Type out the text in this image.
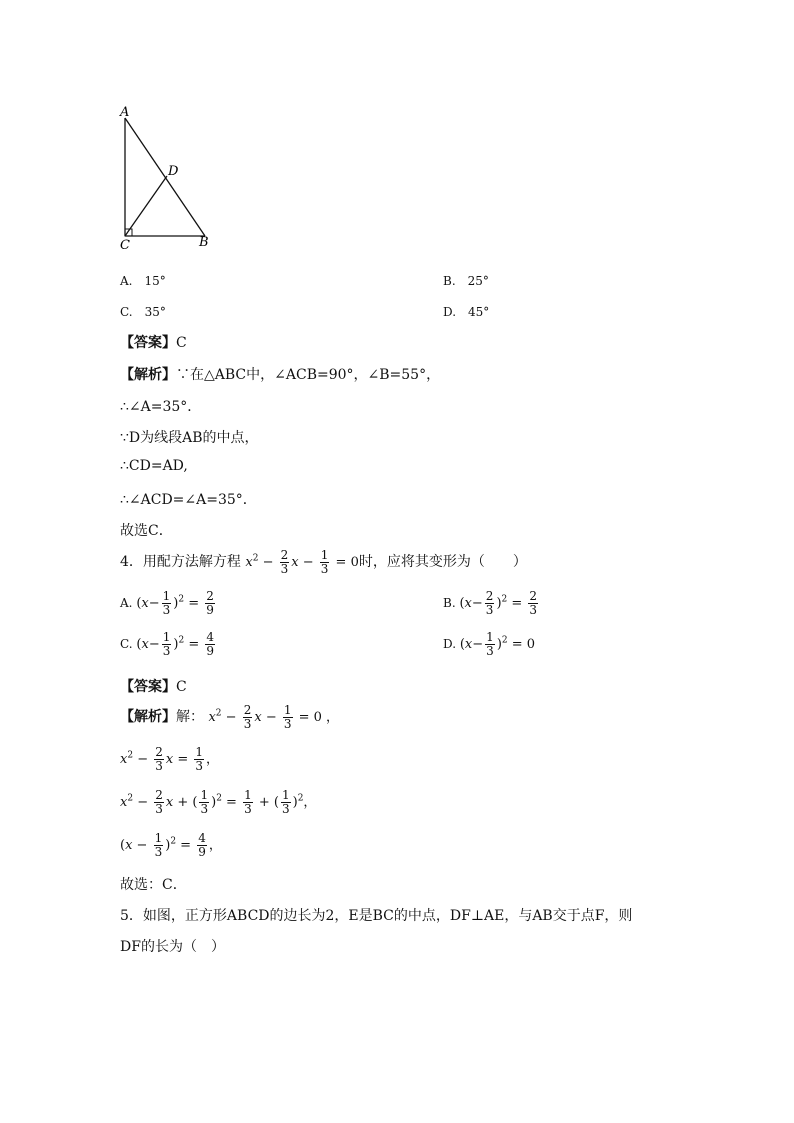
A
D
C	B
A.　15°	B.　25°
C.　35°	D.　45°
【答案】C
【解析】∵在△ABC中，∠ACB=90°，∠B=55°，
∴∠A=35°．
∵D为线段AB的中点，
∴CD=AD,
∴∠ACD=∠A=35°．
故选C．
4．用配方法解方程 $x^2 - \frac{2}{3}$ $x - \frac{1}{3} = 0$时，应将其变形为（　　）
A. $(x- \frac{1}{3} )^2 = \frac{2}{9}$	B. $(x- \frac{2}{3} )^2 = \frac{2}{3}$
C. $(x- \frac{1}{3} )^2 = \frac{4}{9}$	D. $(x- \frac{1}{3} )^2 = 0$
【答案】C
【解析】解： $x^2 - \frac{2}{3}$ $x - \frac{1}{3} = 0$ ，
$x^2 - \frac{2}{3}$ $x = \frac{1}{3}$ ，
$x^2 - \frac{2}{3}$ x + ( $\frac{1}{3} )^2 = \frac{1}{3}$ + ( $\frac{1}{3} )^2$，
$(x - \frac{1}{3} )^2 = \frac{4}{9}$ ，
故选：C．
5．如图，正方形ABCD的边长为2，E是BC的中点，DF⊥AE，与AB交于点F，则
DF的长为（　）
